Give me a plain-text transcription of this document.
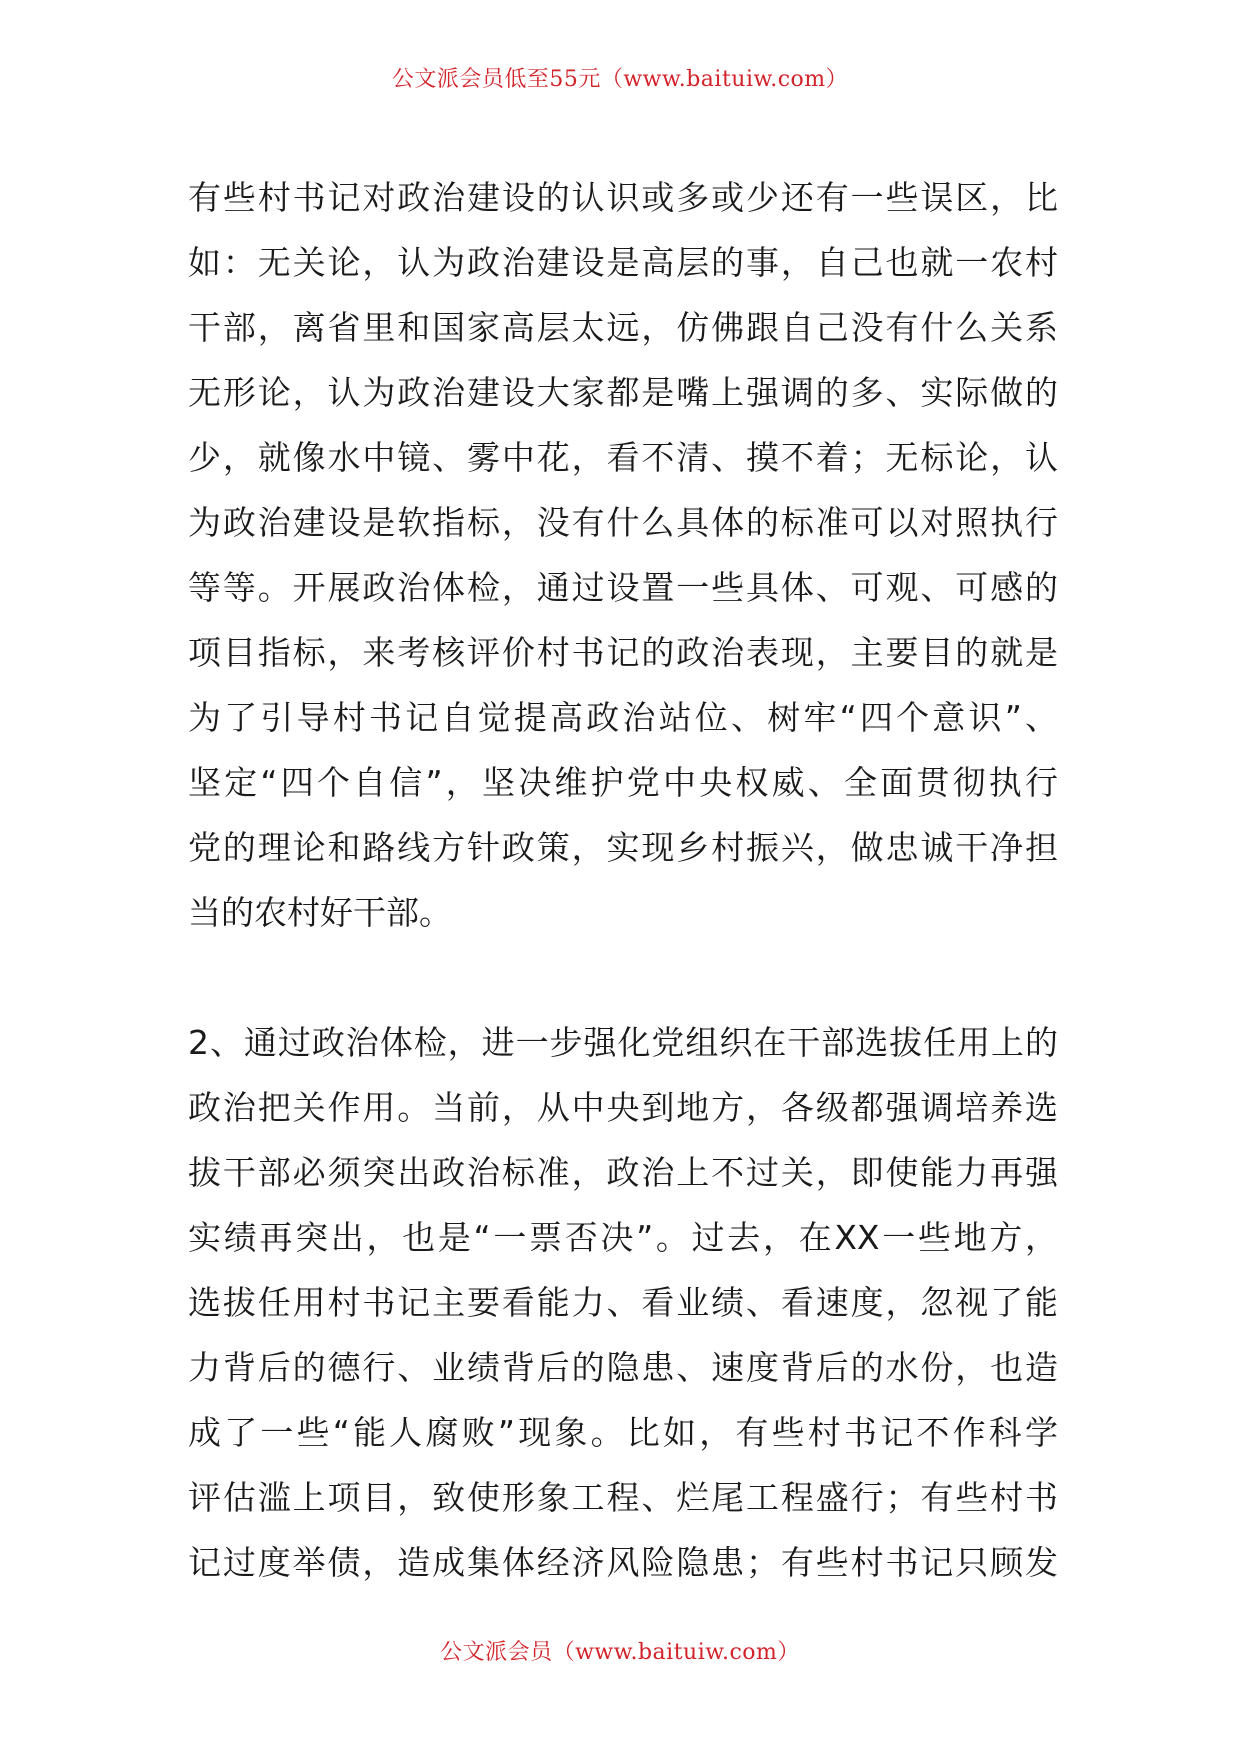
公文派会员低至55元（www.baituiw.com）
有些村书记对政治建设的认识或多或少还有一些误区，比
如：无关论，认为政治建设是高层的事，自己也就一农村
干部，离省里和国家高层太远，仿佛跟自己没有什么关系
无形论，认为政治建设大家都是嘴上强调的多、实际做的
少，就像水中镜、雾中花，看不清、摸不着；无标论，认
为政治建设是软指标，没有什么具体的标准可以对照执行
等等。开展政治体检，通过设置一些具体、可观、可感的
项目指标，来考核评价村书记的政治表现，主要目的就是
为了引导村书记自觉提高政治站位、树牢“四个意识”、
坚定“四个自信”，坚决维护党中央权威、全面贯彻执行
党的理论和路线方针政策，实现乡村振兴，做忠诚干净担
当的农村好干部。
2、通过政治体检，进一步强化党组织在干部选拔任用上的
政治把关作用。当前，从中央到地方，各级都强调培养选
拔干部必须突出政治标准，政治上不过关，即使能力再强
实绩再突出，也是“一票否决”。过去，在XX一些地方，
选拔任用村书记主要看能力、看业绩、看速度，忽视了能
力背后的德行、业绩背后的隐患、速度背后的水份，也造
成了一些“能人腐败”现象。比如，有些村书记不作科学
评估滥上项目，致使形象工程、烂尾工程盛行；有些村书
记过度举债，造成集体经济风险隐患；有些村书记只顾发
公文派会员（www.baituiw.com）
